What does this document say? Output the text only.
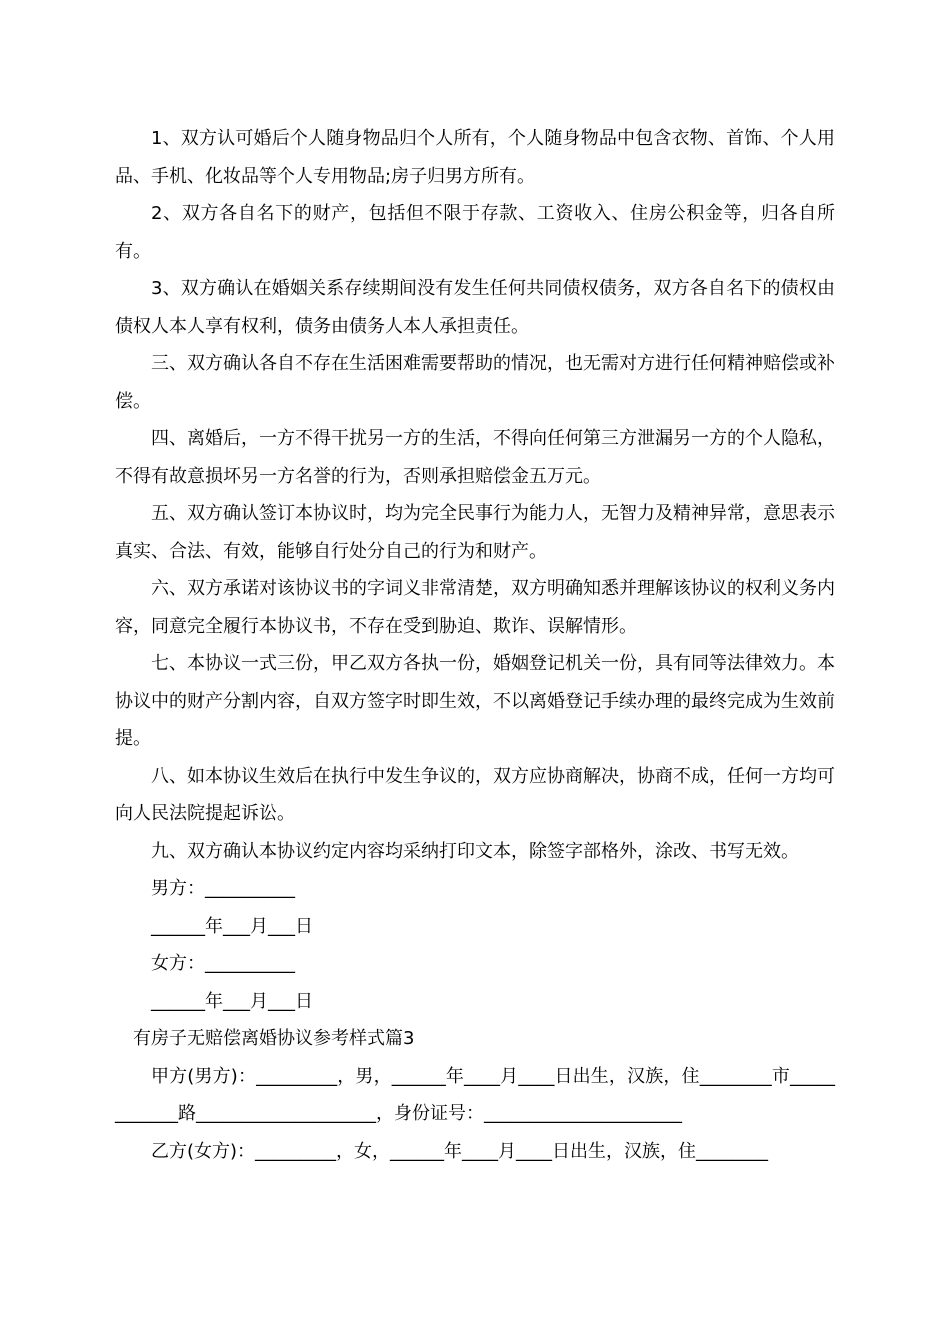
1、双方认可婚后个人随身物品归个人所有，个人随身物品中包含衣物、首饰、个人用品、手机、化妆品等个人专用物品;房子归男方所有。

2、双方各自名下的财产，包括但不限于存款、工资收入、住房公积金等，归各自所有。

3、双方确认在婚姻关系存续期间没有发生任何共同债权债务，双方各自名下的债权由债权人本人享有权利，债务由债务人本人承担责任。

三、双方确认各自不存在生活困难需要帮助的情况，也无需对方进行任何精神赔偿或补偿。

四、离婚后，一方不得干扰另一方的生活，不得向任何第三方泄漏另一方的个人隐私，不得有故意损坏另一方名誉的行为，否则承担赔偿金五万元。

五、双方确认签订本协议时，均为完全民事行为能力人，无智力及精神异常，意思表示真实、合法、有效，能够自行处分自己的行为和财产。

六、双方承诺对该协议书的字词义非常清楚，双方明确知悉并理解该协议的权利义务内容，同意完全履行本协议书，不存在受到胁迫、欺诈、误解情形。

七、本协议一式三份，甲乙双方各执一份，婚姻登记机关一份，具有同等法律效力。本协议中的财产分割内容，自双方签字时即生效，不以离婚登记手续办理的最终完成为生效前提。

八、如本协议生效后在执行中发生争议的，双方应协商解决，协商不成，任何一方均可向人民法院提起诉讼。

九、双方确认本协议约定内容均采纳打印文本，除签字部格外，涂改、书写无效。

男方：__________

______年___月___日

女方：__________

______年___月___日

有房子无赔偿离婚协议参考样式篇3

甲方(男方)：_________，男，______年____月____日出生，汉族，住________市____________路____________________，身份证号：______________________

乙方(女方)：_________，女，______年____月____日出生，汉族，住________
